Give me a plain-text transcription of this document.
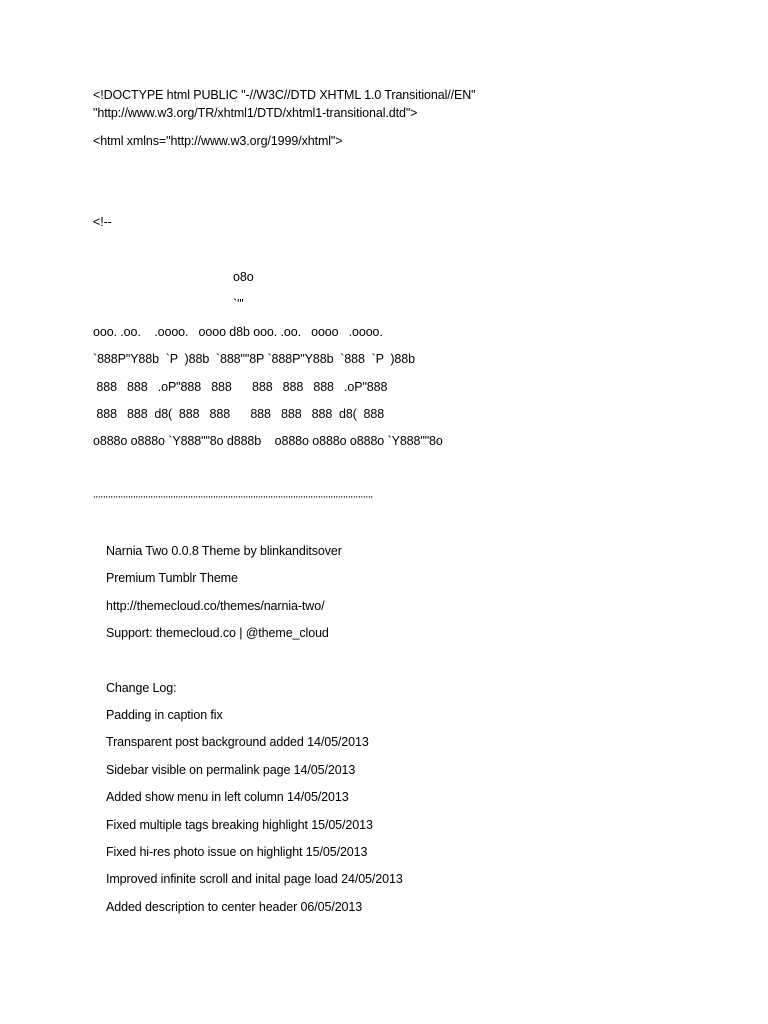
<!DOCTYPE html PUBLIC "-//W3C//DTD XHTML 1.0 Transitional//EN"
"http://www.w3.org/TR/xhtml1/DTD/xhtml1-transitional.dtd">
<html xmlns="http://www.w3.org/1999/xhtml">
<!--
o8o
`"'
ooo. .oo.    .oooo.   oooo d8b ooo. .oo.   oooo   .oooo.
`888P"Y88b  `P  )88b  `888""8P `888P"Y88b  `888  `P  )88b
888   888   .oP"888   888      888   888   888   .oP"888
888   888  d8(  888   888      888   888   888  d8(  888
o888o o888o `Y888""8o d888b    o888o o888o o888o `Y888""8o
,,,,,,,,,,,,,,,,,,,,,,,,,,,,,,,,,,,,,,,,,,,,,,,,,,,,,,,,,,,,,,,,,,,,,,,,,,,,,,,,,,,,,,,,,,,,,,,,,,,,,,,,,,,,,,,,
Narnia Two 0.0.8 Theme by blinkanditsover
Premium Tumblr Theme
http://themecloud.co/themes/narnia-two/
Support: themecloud.co | @theme_cloud
Change Log:
Padding in caption fix
Transparent post background added 14/05/2013
Sidebar visible on permalink page 14/05/2013
Added show menu in left column 14/05/2013
Fixed multiple tags breaking highlight 15/05/2013
Fixed hi-res photo issue on highlight 15/05/2013
Improved infinite scroll and inital page load 24/05/2013
Added description to center header 06/05/2013
